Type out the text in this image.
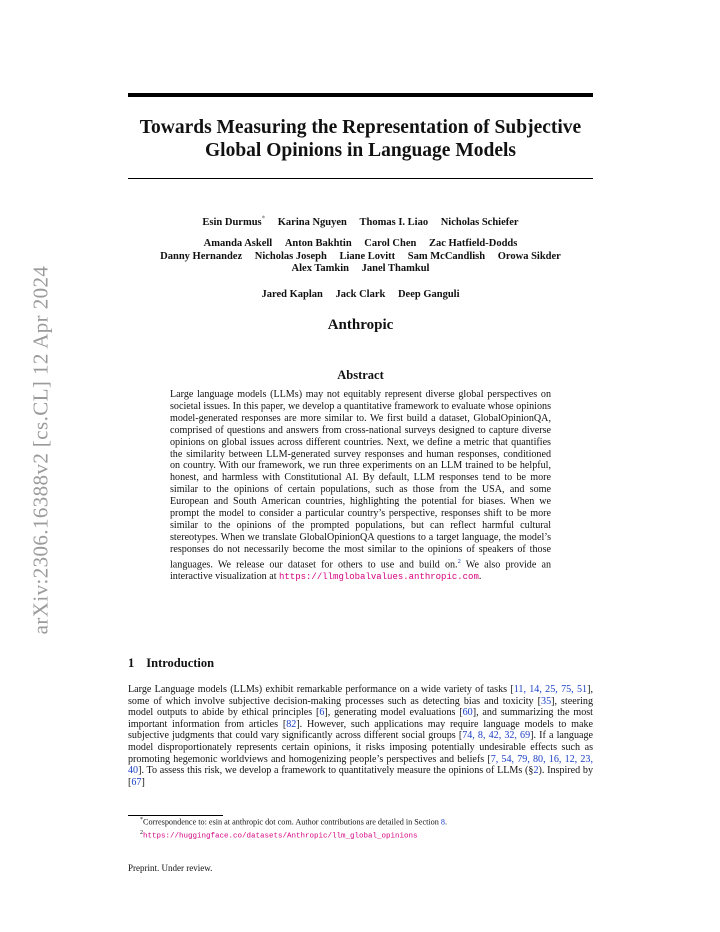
arXiv:2306.16388v2 [cs.CL] 12 Apr 2024
Towards Measuring the Representation of Subjective Global Opinions in Language Models
Esin Durmus* Karina Nguyen Thomas I. Liao Nicholas Schiefer
Amanda Askell Anton Bakhtin Carol Chen Zac Hatfield-Dodds
Danny Hernandez Nicholas Joseph Liane Lovitt Sam McCandlish Orowa Sikder
Alex Tamkin Janel Thamkul
Jared Kaplan Jack Clark Deep Ganguli
Anthropic
Abstract
Large language models (LLMs) may not equitably represent diverse global perspectives on societal issues. In this paper, we develop a quantitative framework to evaluate whose opinions model-generated responses are more similar to. We first build a dataset, GlobalOpinionQA, comprised of questions and answers from cross-national surveys designed to capture diverse opinions on global issues across different countries. Next, we define a metric that quantifies the similarity between LLM-generated survey responses and human responses, conditioned on country. With our framework, we run three experiments on an LLM trained to be helpful, honest, and harmless with Constitutional AI. By default, LLM responses tend to be more similar to the opinions of certain populations, such as those from the USA, and some European and South American countries, highlighting the potential for biases. When we prompt the model to consider a particular country’s perspective, responses shift to be more similar to the opinions of the prompted populations, but can reflect harmful cultural stereotypes. When we translate GlobalOpinionQA questions to a target language, the model’s responses do not necessarily become the most similar to the opinions of speakers of those languages. We release our dataset for others to use and build on.$^2$ We also provide an interactive visualization at https://llmglobalvalues.anthropic.com.
1 Introduction
Large Language models (LLMs) exhibit remarkable performance on a wide variety of tasks [11, 14, 25, 75, 51], some of which involve subjective decision-making processes such as detecting bias and toxicity [35], steering model outputs to abide by ethical principles [6], generating model evaluations [60], and summarizing the most important information from articles [82]. However, such applications may require language models to make subjective judgments that could vary significantly across different social groups [74, 8, 42, 32, 69]. If a language model disproportionately represents certain opinions, it risks imposing potentially undesirable effects such as promoting hegemonic worldviews and homogenizing people’s perspectives and beliefs [7, 54, 79, 80, 16, 12, 23, 40]. To assess this risk, we develop a framework to quantitatively measure the opinions of LLMs (§2). Inspired by [67]
*Correspondence to: esin at anthropic dot com. Author contributions are detailed in Section 8.
$^2$https://huggingface.co/datasets/Anthropic/llm_global_opinions
Preprint. Under review.
